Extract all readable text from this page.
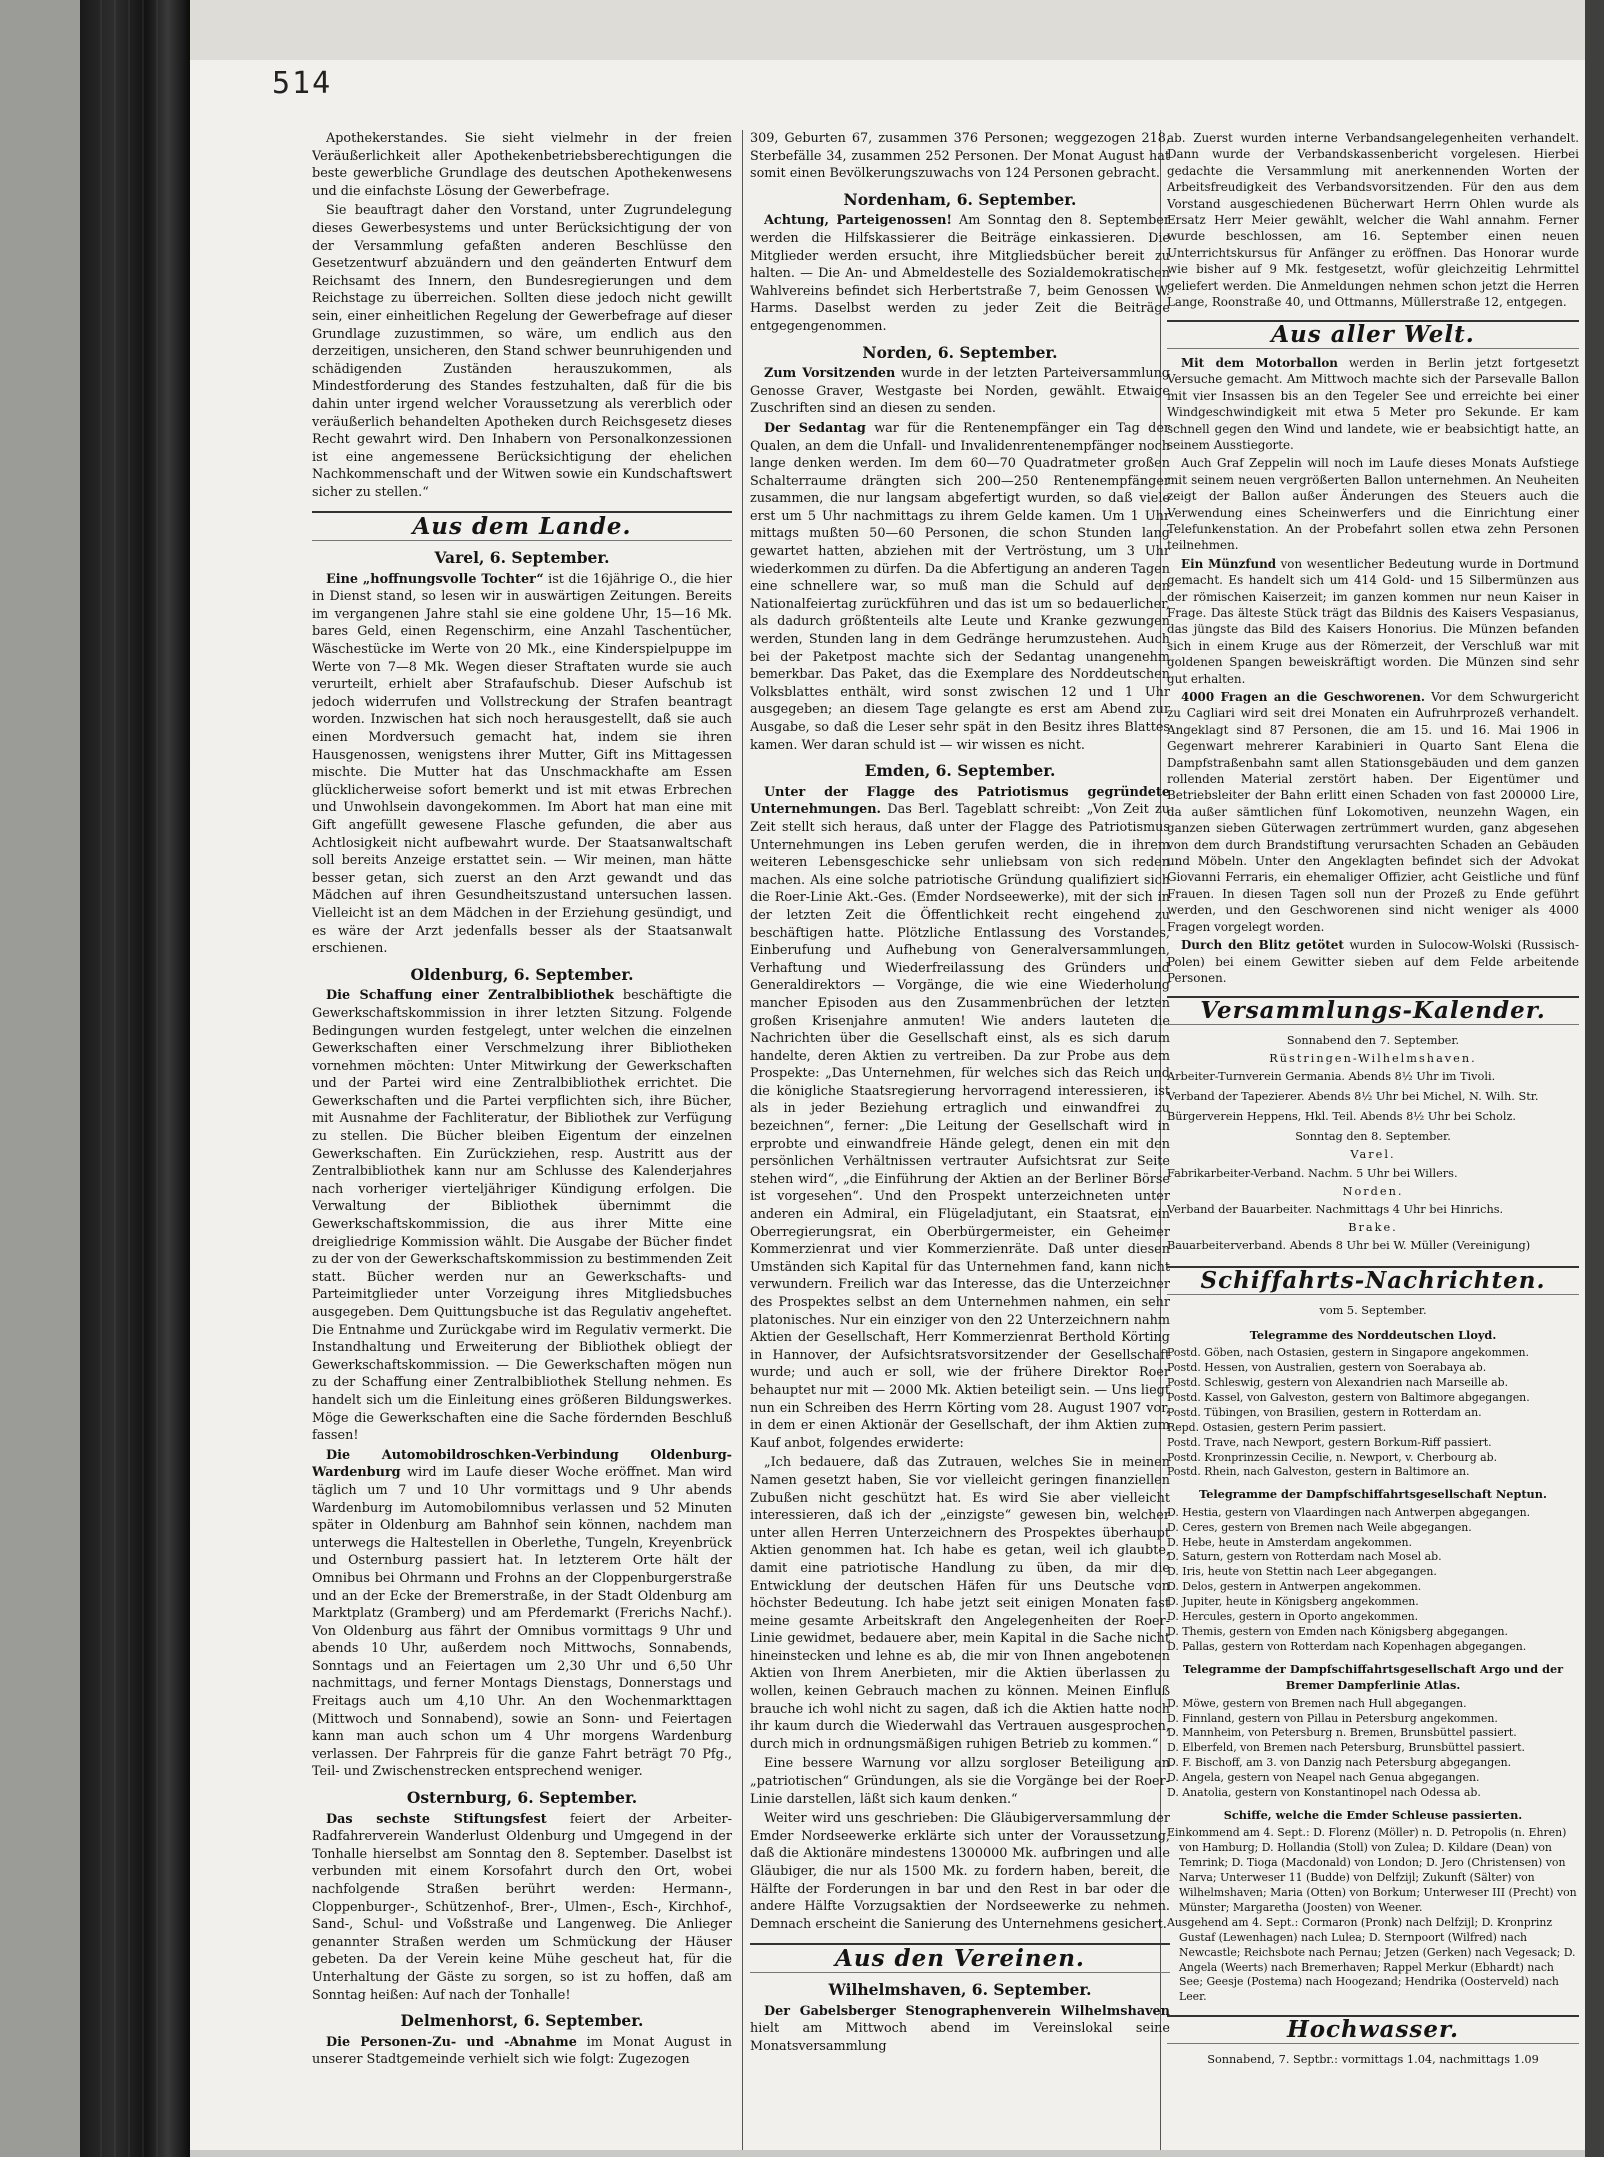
514

Apothekerstandes. Sie sieht vielmehr in der freien Veräußerlichkeit aller Apothekenbetriebsberechtigungen die beste gewerbliche Grundlage des deutschen Apothekenwesens und die einfachste Lösung der Gewerbefrage.

Sie beauftragt daher den Vorstand, unter Zugrundelegung dieses Gewerbesystems und unter Berücksichtigung der von der Versammlung gefaßten anderen Beschlüsse den Gesetzentwurf abzuändern und den geänderten Entwurf dem Reichsamt des Innern, den Bundesregierungen und dem Reichstage zu überreichen. Sollten diese jedoch nicht gewillt sein, einer einheitlichen Regelung der Gewerbefrage auf dieser Grundlage zuzustimmen, so wäre, um endlich aus den derzeitigen, unsicheren, den Stand schwer beunruhigenden und schädigenden Zuständen herauszukommen, als Mindestforderung des Standes festzuhalten, daß für die bis dahin unter irgend welcher Voraussetzung als vererblich oder veräußerlich behandelten Apotheken durch Reichsgesetz dieses Recht gewahrt wird. Den Inhabern von Personalkonzessionen ist eine angemessene Berücksichtigung der ehelichen Nachkommenschaft und der Witwen sowie ein Kundschaftswert sicher zu stellen.“

Aus dem Lande.
Varel, 6. September.

Eine „hoffnungsvolle Tochter“ ist die 16jährige O., die hier in Dienst stand, so lesen wir in auswärtigen Zeitungen. Bereits im vergangenen Jahre stahl sie eine goldene Uhr, 15—16 Mk. bares Geld, einen Regenschirm, eine Anzahl Taschentücher, Wäschestücke im Werte von 20 Mk., eine Kinderspielpuppe im Werte von 7—8 Mk. Wegen dieser Straftaten wurde sie auch verurteilt, erhielt aber Strafaufschub. Dieser Aufschub ist jedoch widerrufen und Vollstreckung der Strafen beantragt worden. Inzwischen hat sich noch herausgestellt, daß sie auch einen Mordversuch gemacht hat, indem sie ihren Hausgenossen, wenigstens ihrer Mutter, Gift ins Mittagessen mischte. Die Mutter hat das Unschmackhafte am Essen glücklicherweise sofort bemerkt und ist mit etwas Erbrechen und Unwohlsein davongekommen. Im Abort hat man eine mit Gift angefüllt gewesene Flasche gefunden, die aber aus Achtlosigkeit nicht aufbewahrt wurde. Der Staatsanwaltschaft soll bereits Anzeige erstattet sein. — Wir meinen, man hätte besser getan, sich zuerst an den Arzt gewandt und das Mädchen auf ihren Gesundheitszustand untersuchen lassen. Vielleicht ist an dem Mädchen in der Erziehung gesündigt, und es wäre der Arzt jedenfalls besser als der Staatsanwalt erschienen.

Oldenburg, 6. September.

Die Schaffung einer Zentralbibliothek beschäftigte die Gewerkschaftskommission in ihrer letzten Sitzung. Folgende Bedingungen wurden festgelegt, unter welchen die einzelnen Gewerkschaften einer Verschmelzung ihrer Bibliotheken vornehmen möchten: Unter Mitwirkung der Gewerkschaften und der Partei wird eine Zentralbibliothek errichtet. Die Gewerkschaften und die Partei verpflichten sich, ihre Bücher, mit Ausnahme der Fachliteratur, der Bibliothek zur Verfügung zu stellen. Die Bücher bleiben Eigentum der einzelnen Gewerkschaften. Ein Zurückziehen, resp. Austritt aus der Zentralbibliothek kann nur am Schlusse des Kalenderjahres nach vorheriger vierteljähriger Kündigung erfolgen. Die Verwaltung der Bibliothek übernimmt die Gewerkschaftskommission, die aus ihrer Mitte eine dreigliedrige Kommission wählt. Die Ausgabe der Bücher findet zu der von der Gewerkschaftskommission zu bestimmenden Zeit statt. Bücher werden nur an Gewerkschafts- und Parteimitglieder unter Vorzeigung ihres Mitgliedsbuches ausgegeben. Dem Quittungsbuche ist das Regulativ angeheftet. Die Entnahme und Zurückgabe wird im Regulativ vermerkt. Die Instandhaltung und Erweiterung der Bibliothek obliegt der Gewerkschaftskommission. — Die Gewerkschaften mögen nun zu der Schaffung einer Zentralbibliothek Stellung nehmen. Es handelt sich um die Einleitung eines größeren Bildungswerkes. Möge die Gewerkschaften eine die Sache fördernden Beschluß fassen!

Die Automobildroschken-Verbindung Oldenburg-Wardenburg wird im Laufe dieser Woche eröffnet. Man wird täglich um 7 und 10 Uhr vormittags und 9 Uhr abends Wardenburg im Automobilomnibus verlassen und 52 Minuten später in Oldenburg am Bahnhof sein können, nachdem man unterwegs die Haltestellen in Oberlethe, Tungeln, Kreyenbrück und Osternburg passiert hat. In letzterem Orte hält der Omnibus bei Ohrmann und Frohns an der Cloppenburgerstraße und an der Ecke der Bremerstraße, in der Stadt Oldenburg am Marktplatz (Gramberg) und am Pferdemarkt (Frerichs Nachf.). Von Oldenburg aus fährt der Omnibus vormittags 9 Uhr und abends 10 Uhr, außerdem noch Mittwochs, Sonnabends, Sonntags und an Feiertagen um 2,30 Uhr und 6,50 Uhr nachmittags, und ferner Montags Dienstags, Donnerstags und Freitags auch um 4,10 Uhr. An den Wochenmarkttagen (Mittwoch und Sonnabend), sowie an Sonn- und Feiertagen kann man auch schon um 4 Uhr morgens Wardenburg verlassen. Der Fahrpreis für die ganze Fahrt beträgt 70 Pfg., Teil- und Zwischenstrecken entsprechend weniger.

Osternburg, 6. September.

Das sechste Stiftungsfest feiert der Arbeiter-Radfahrerverein Wanderlust Oldenburg und Umgegend in der Tonhalle hierselbst am Sonntag den 8. September. Daselbst ist verbunden mit einem Korsofahrt durch den Ort, wobei nachfolgende Straßen berührt werden: Hermann-, Cloppenburger-, Schützenhof-, Brer-, Ulmen-, Esch-, Kirchhof-, Sand-, Schul- und Voßstraße und Langenweg. Die Anlieger genannter Straßen werden um Schmückung der Häuser gebeten. Da der Verein keine Mühe gescheut hat, für die Unterhaltung der Gäste zu sorgen, so ist zu hoffen, daß am Sonntag heißen: Auf nach der Tonhalle!

Delmenhorst, 6. September.

Die Personen-Zu- und -Abnahme im Monat August in unserer Stadtgemeinde verhielt sich wie folgt: Zugezogen

309, Geburten 67, zusammen 376 Personen; weggezogen 218, Sterbefälle 34, zusammen 252 Personen. Der Monat August hat somit einen Bevölkerungszuwachs von 124 Personen gebracht.

Nordenham, 6. September.

Achtung, Parteigenossen! Am Sonntag den 8. September werden die Hilfskassierer die Beiträge einkassieren. Die Mitglieder werden ersucht, ihre Mitgliedsbücher bereit zu halten. — Die An- und Abmeldestelle des Sozialdemokratischen Wahlvereins befindet sich Herbertstraße 7, beim Genossen W. Harms. Daselbst werden zu jeder Zeit die Beiträge entgegengenommen.

Norden, 6. September.

Zum Vorsitzenden wurde in der letzten Parteiversammlung Genosse Graver, Westgaste bei Norden, gewählt. Etwaige Zuschriften sind an diesen zu senden.

Der Sedantag war für die Rentenempfänger ein Tag der Qualen, an dem die Unfall- und Invalidenrentenempfänger noch lange denken werden. Im dem 60—70 Quadratmeter großen Schalterraume drängten sich 200—250 Rentenempfänger zusammen, die nur langsam abgefertigt wurden, so daß viele erst um 5 Uhr nachmittags zu ihrem Gelde kamen. Um 1 Uhr mittags mußten 50—60 Personen, die schon Stunden lang gewartet hatten, abziehen mit der Vertröstung, um 3 Uhr wiederkommen zu dürfen. Da die Abfertigung an anderen Tagen eine schnellere war, so muß man die Schuld auf den Nationalfeiertag zurückführen und das ist um so bedauerlicher, als dadurch größtenteils alte Leute und Kranke gezwungen werden, Stunden lang in dem Gedränge herumzustehen. Auch bei der Paketpost machte sich der Sedantag unangenehm bemerkbar. Das Paket, das die Exemplare des Norddeutschen Volksblattes enthält, wird sonst zwischen 12 und 1 Uhr ausgegeben; an diesem Tage gelangte es erst am Abend zur Ausgabe, so daß die Leser sehr spät in den Besitz ihres Blattes kamen. Wer daran schuld ist — wir wissen es nicht.

Emden, 6. September.

Unter der Flagge des Patriotismus gegründete Unternehmungen. Das Berl. Tageblatt schreibt: „Von Zeit zu Zeit stellt sich heraus, daß unter der Flagge des Patriotismus Unternehmungen ins Leben gerufen werden, die in ihrem weiteren Lebensgeschicke sehr unliebsam von sich reden machen. Als eine solche patriotische Gründung qualifiziert sich die Roer-Linie Akt.-Ges. (Emder Nordseewerke), mit der sich in der letzten Zeit die Öffentlichkeit recht eingehend zu beschäftigen hatte. Plötzliche Entlassung des Vorstandes, Einberufung und Aufhebung von Generalversammlungen, Verhaftung und Wiederfreilassung des Gründers und Generaldirektors — Vorgänge, die wie eine Wiederholung mancher Episoden aus den Zusammenbrüchen der letzten großen Krisenjahre anmuten! Wie anders lauteten die Nachrichten über die Gesellschaft einst, als es sich darum handelte, deren Aktien zu vertreiben. Da zur Probe aus dem Prospekte: „Das Unternehmen, für welches sich das Reich und die königliche Staatsregierung hervorragend interessieren, ist als in jeder Beziehung ertraglich und einwandfrei zu bezeichnen“, ferner: „Die Leitung der Gesellschaft wird in erprobte und einwandfreie Hände gelegt, denen ein mit den persönlichen Verhältnissen vertrauter Aufsichtsrat zur Seite stehen wird“, „die Einführung der Aktien an der Berliner Börse ist vorgesehen“. Und den Prospekt unterzeichneten unter anderen ein Admiral, ein Flügeladjutant, ein Staatsrat, ein Oberregierungsrat, ein Oberbürgermeister, ein Geheimer Kommerzienrat und vier Kommerzienräte. Daß unter diesen Umständen sich Kapital für das Unternehmen fand, kann nicht verwundern. Freilich war das Interesse, das die Unterzeichner des Prospektes selbst an dem Unternehmen nahmen, ein sehr platonisches. Nur ein einziger von den 22 Unterzeichnern nahm Aktien der Gesellschaft, Herr Kommerzienrat Berthold Körting in Hannover, der Aufsichtsratsvorsitzender der Gesellschaft wurde; und auch er soll, wie der frühere Direktor Roer behauptet nur mit — 2000 Mk. Aktien beteiligt sein. — Uns liegt nun ein Schreiben des Herrn Körting vom 28. August 1907 vor, in dem er einen Aktionär der Gesellschaft, der ihm Aktien zum Kauf anbot, folgendes erwiderte:

„Ich bedauere, daß das Zutrauen, welches Sie in meinen Namen gesetzt haben, Sie vor vielleicht geringen finanziellen Zubußen nicht geschützt hat. Es wird Sie aber vielleicht interessieren, daß ich der „einzigste“ gewesen bin, welcher unter allen Herren Unterzeichnern des Prospektes überhaupt Aktien genommen hat. Ich habe es getan, weil ich glaubte, damit eine patriotische Handlung zu üben, da mir die Entwicklung der deutschen Häfen für uns Deutsche von höchster Bedeutung. Ich habe jetzt seit einigen Monaten fast meine gesamte Arbeitskraft den Angelegenheiten der Roer-Linie gewidmet, bedauere aber, mein Kapital in die Sache nicht hineinstecken und lehne es ab, die mir von Ihnen angebotenen Aktien von Ihrem Anerbieten, mir die Aktien überlassen zu wollen, keinen Gebrauch machen zu können. Meinen Einfluß brauche ich wohl nicht zu sagen, daß ich die Aktien hatte noch ihr kaum durch die Wiederwahl das Vertrauen ausgesprochen, durch mich in ordnungsmäßigen ruhigen Betrieb zu kommen.“

Eine bessere Warnung vor allzu sorgloser Beteiligung an „patriotischen“ Gründungen, als sie die Vorgänge bei der Roer-Linie darstellen, läßt sich kaum denken.“

Weiter wird uns geschrieben: Die Gläubigerversammlung der Emder Nordseewerke erklärte sich unter der Voraussetzung, daß die Aktionäre mindestens 1300000 Mk. aufbringen und alle Gläubiger, die nur als 1500 Mk. zu fordern haben, bereit, die Hälfte der Forderungen in bar und den Rest in bar oder die andere Hälfte Vorzugsaktien der Nordseewerke zu nehmen. Demnach erscheint die Sanierung des Unternehmens gesichert.

Aus den Vereinen.
Wilhelmshaven, 6. September.

Der Gabelsberger Stenographenverein Wilhelmshaven hielt am Mittwoch abend im Vereinslokal seine Monatsversammlung

ab. Zuerst wurden interne Verbandsangelegenheiten verhandelt. Dann wurde der Verbandskassenbericht vorgelesen. Hierbei gedachte die Versammlung mit anerkennenden Worten der Arbeitsfreudigkeit des Verbandsvorsitzenden. Für den aus dem Vorstand ausgeschiedenen Bücherwart Herrn Ohlen wurde als Ersatz Herr Meier gewählt, welcher die Wahl annahm. Ferner wurde beschlossen, am 16. September einen neuen Unterrichtskursus für Anfänger zu eröffnen. Das Honorar wurde wie bisher auf 9 Mk. festgesetzt, wofür gleichzeitig Lehrmittel geliefert werden. Die Anmeldungen nehmen schon jetzt die Herren Lange, Roonstraße 40, und Ottmanns, Müllerstraße 12, entgegen.

Aus aller Welt.

Mit dem Motorballon werden in Berlin jetzt fortgesetzt Versuche gemacht. Am Mittwoch machte sich der Parsevalle Ballon mit vier Insassen bis an den Tegeler See und erreichte bei einer Windgeschwindigkeit mit etwa 5 Meter pro Sekunde. Er kam schnell gegen den Wind und landete, wie er beabsichtigt hatte, an seinem Ausstiegorte.

Auch Graf Zeppelin will noch im Laufe dieses Monats Aufstiege mit seinem neuen vergrößerten Ballon unternehmen. An Neuheiten zeigt der Ballon außer Änderungen des Steuers auch die Verwendung eines Scheinwerfers und die Einrichtung einer Telefunkenstation. An der Probefahrt sollen etwa zehn Personen teilnehmen.

Ein Münzfund von wesentlicher Bedeutung wurde in Dortmund gemacht. Es handelt sich um 414 Gold- und 15 Silbermünzen aus der römischen Kaiserzeit; im ganzen kommen nur neun Kaiser in Frage. Das älteste Stück trägt das Bildnis des Kaisers Vespasianus, das jüngste das Bild des Kaisers Honorius. Die Münzen befanden sich in einem Kruge aus der Römerzeit, der Verschluß war mit goldenen Spangen beweiskräftigt worden. Die Münzen sind sehr gut erhalten.

4000 Fragen an die Geschworenen. Vor dem Schwurgericht zu Cagliari wird seit drei Monaten ein Aufruhrprozeß verhandelt. Angeklagt sind 87 Personen, die am 15. und 16. Mai 1906 in Gegenwart mehrerer Karabinieri in Quarto Sant Elena die Dampfstraßenbahn samt allen Stationsgebäuden und dem ganzen rollenden Material zerstört haben. Der Eigentümer und Betriebsleiter der Bahn erlitt einen Schaden von fast 200000 Lire, da außer sämtlichen fünf Lokomotiven, neunzehn Wagen, ein ganzen sieben Güterwagen zertrümmert wurden, ganz abgesehen von dem durch Brandstiftung verursachten Schaden an Gebäuden und Möbeln. Unter den Angeklagten befindet sich der Advokat Giovanni Ferraris, ein ehemaliger Offizier, acht Geistliche und fünf Frauen. In diesen Tagen soll nun der Prozeß zu Ende geführt werden, und den Geschworenen sind nicht weniger als 4000 Fragen vorgelegt worden.

Durch den Blitz getötet wurden in Sulocow-Wolski (Russisch-Polen) bei einem Gewitter sieben auf dem Felde arbeitende Personen.

Versammlungs-Kalender.
Sonnabend den 7. September.
Rüstringen-Wilhelmshaven.
Arbeiter-Turnverein Germania. Abends 8½ Uhr im Tivoli.
Verband der Tapezierer. Abends 8½ Uhr bei Michel, N. Wilh. Str.
Bürgerverein Heppens, Hkl. Teil. Abends 8½ Uhr bei Scholz.
Sonntag den 8. September.
Varel.
Fabrikarbeiter-Verband. Nachm. 5 Uhr bei Willers.
Norden.
Verband der Bauarbeiter. Nachmittags 4 Uhr bei Hinrichs.
Brake.
Bauarbeiterverband. Abends 8 Uhr bei W. Müller (Vereinigung)
Schiffahrts-Nachrichten.
vom 5. September.
Telegramme des Norddeutschen Lloyd.
Postd. Göben, nach Ostasien, gestern in Singapore angekommen.
Postd. Hessen, von Australien, gestern von Soerabaya ab.
Postd. Schleswig, gestern von Alexandrien nach Marseille ab.
Postd. Kassel, von Galveston, gestern von Baltimore abgegangen.
Postd. Tübingen, von Brasilien, gestern in Rotterdam an.
Repd. Ostasien, gestern Perim passiert.
Postd. Trave, nach Newport, gestern Borkum-Riff passiert.
Postd. Kronprinzessin Cecilie, n. Newport, v. Cherbourg ab.
Postd. Rhein, nach Galveston, gestern in Baltimore an.
Telegramme der Dampfschiffahrtsgesellschaft Neptun.
D. Hestia, gestern von Vlaardingen nach Antwerpen abgegangen.
D. Ceres, gestern von Bremen nach Weile abgegangen.
D. Hebe, heute in Amsterdam angekommen.
D. Saturn, gestern von Rotterdam nach Mosel ab.
D. Iris, heute von Stettin nach Leer abgegangen.
D. Delos, gestern in Antwerpen angekommen.
D. Jupiter, heute in Königsberg angekommen.
D. Hercules, gestern in Oporto angekommen.
D. Themis, gestern von Emden nach Königsberg abgegangen.
D. Pallas, gestern von Rotterdam nach Kopenhagen abgegangen.
Telegramme der Dampfschiffahrtsgesellschaft Argo und der Bremer Dampferlinie Atlas.
D. Möwe, gestern von Bremen nach Hull abgegangen.
D. Finnland, gestern von Pillau in Petersburg angekommen.
D. Mannheim, von Petersburg n. Bremen, Brunsbüttel passiert.
D. Elberfeld, von Bremen nach Petersburg, Brunsbüttel passiert.
D. F. Bischoff, am 3. von Danzig nach Petersburg abgegangen.
D. Angela, gestern von Neapel nach Genua abgegangen.
D. Anatolia, gestern von Konstantinopel nach Odessa ab.
Schiffe, welche die Emder Schleuse passierten.
Einkommend am 4. Sept.: D. Florenz (Möller) n. D. Petropolis (n. Ehren) von Hamburg; D. Hollandia (Stoll) von Zulea; D. Kildare (Dean) von Temrink; D. Tioga (Macdonald) von London; D. Jero (Christensen) von Narva; Unterweser 11 (Budde) von Delfzijl; Zukunft (Sälter) von Wilhelmshaven; Maria (Otten) von Borkum; Unterweser III (Precht) von Münster; Margaretha (Joosten) von Weener.
Ausgehend am 4. Sept.: Cormaron (Pronk) nach Delfzijl; D. Kronprinz Gustaf (Lewenhagen) nach Lulea; D. Sternpoort (Wilfred) nach Newcastle; Reichsbote nach Pernau; Jetzen (Gerken) nach Vegesack; D. Angela (Weerts) nach Bremerhaven; Rappel Merkur (Ebhardt) nach See; Geesje (Postema) nach Hoogezand; Hendrika (Oosterveld) nach Leer.
Hochwasser.
Sonnabend, 7. Septbr.: vormittags 1.04, nachmittags 1.09
